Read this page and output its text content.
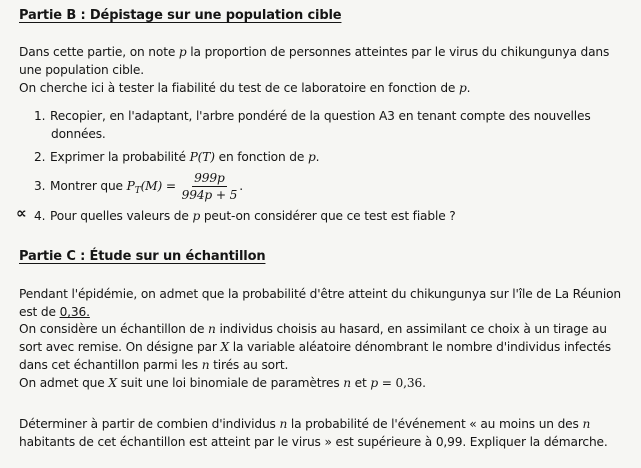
Partie B : Dépistage sur une population cible
Dans cette partie, on note p la proportion de personnes atteintes par le virus du chikungunya dans
une population cible.
On cherche ici à tester la fiabilité du test de ce laboratoire en fonction de p.
1. Recopier, en l'adaptant, l'arbre pondéré de la question A3 en tenant compte des nouvelles
données.
2. Exprimer la probabilité P(T) en fonction de p.
3. Montrer que $P_T(M) = \frac{999p}{994p + 5}$ .
∝ 4. Pour quelles valeurs de p peut-on considérer que ce test est fiable ?
Partie C : Étude sur un échantillon
Pendant l'épidémie, on admet que la probabilité d'être atteint du chikungunya sur l'île de La Réunion
est de 0,36.
On considère un échantillon de n individus choisis au hasard, en assimilant ce choix à un tirage au
sort avec remise. On désigne par X la variable aléatoire dénombrant le nombre d'individus infectés
dans cet échantillon parmi les n tirés au sort.
On admet que X suit une loi binomiale de paramètres n et p = 0,36.
Déterminer à partir de combien d'individus n la probabilité de l'événement « au moins un des n
habitants de cet échantillon est atteint par le virus » est supérieure à 0,99. Expliquer la démarche.
